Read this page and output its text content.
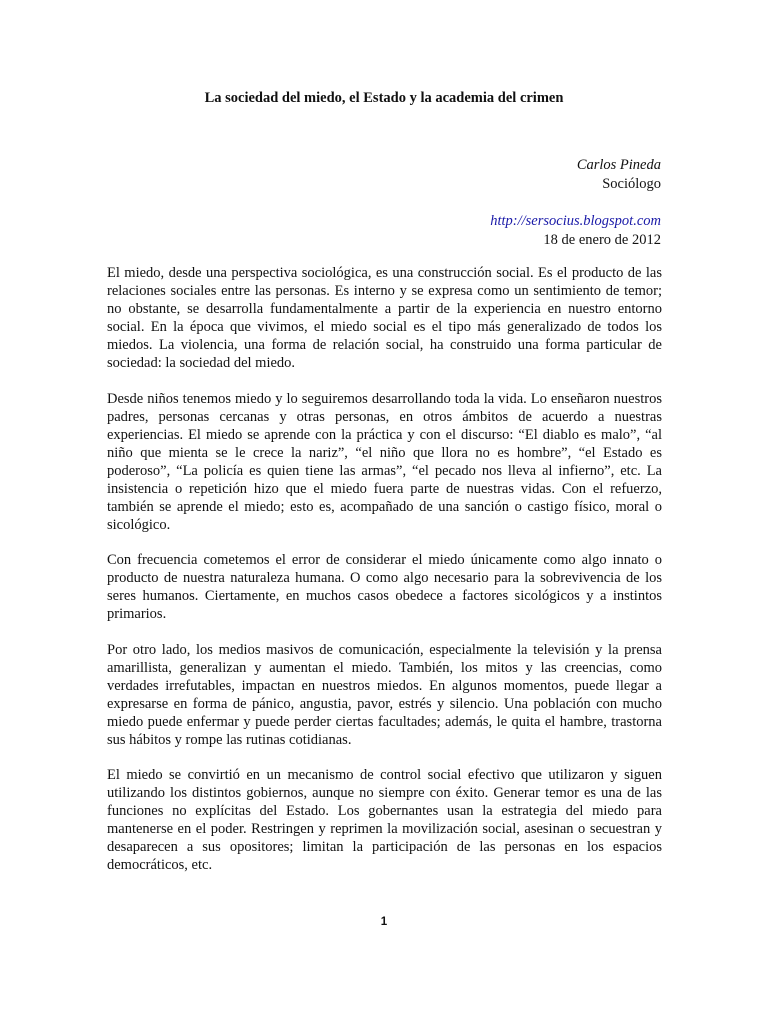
La sociedad del miedo, el Estado y la academia del crimen
Carlos Pineda
Sociólogo
http://sersocius.blogspot.com
18 de enero de 2012

El miedo, desde una perspectiva sociológica, es una construcción social. Es el producto de las relaciones sociales entre las personas. Es interno y se expresa como un sentimiento de temor; no obstante, se desarrolla fundamentalmente a partir de la experiencia en nuestro entorno social. En la época que vivimos, el miedo social es el tipo más generalizado de todos los miedos. La violencia, una forma de relación social, ha construido una forma particular de sociedad: la sociedad del miedo.

Desde niños tenemos miedo y lo seguiremos desarrollando toda la vida. Lo enseñaron nuestros padres, personas cercanas y otras personas, en otros ámbitos de acuerdo a nuestras experiencias. El miedo se aprende con la práctica y con el discurso: “El diablo es malo”, “al niño que mienta se le crece la nariz”, “el niño que llora no es hombre”, “el Estado es poderoso”, “La policía es quien tiene las armas”, “el pecado nos lleva al infierno”, etc. La insistencia o repetición hizo que el miedo fuera parte de nuestras vidas. Con el refuerzo, también se aprende el miedo; esto es, acompañado de una sanción o castigo físico, moral o sicológico.

Con frecuencia cometemos el error de considerar el miedo únicamente como algo innato o producto de nuestra naturaleza humana. O como algo necesario para la sobrevivencia de los seres humanos. Ciertamente, en muchos casos obedece a factores sicológicos y a instintos primarios.

Por otro lado, los medios masivos de comunicación, especialmente la televisión y la prensa amarillista, generalizan y aumentan el miedo. También, los mitos y las creencias, como verdades irrefutables, impactan en nuestros miedos. En algunos momentos, puede llegar a expresarse en forma de pánico, angustia, pavor, estrés y silencio. Una población con mucho miedo puede enfermar y puede perder ciertas facultades; además, le quita el hambre, trastorna sus hábitos y rompe las rutinas cotidianas.

El miedo se convirtió en un mecanismo de control social efectivo que utilizaron y siguen utilizando los distintos gobiernos, aunque no siempre con éxito. Generar temor es una de las funciones no explícitas del Estado. Los gobernantes usan la estrategia del miedo para mantenerse en el poder. Restringen y reprimen la movilización social, asesinan o secuestran y desaparecen a sus opositores; limitan la participación de las personas en los espacios democráticos, etc.

1
